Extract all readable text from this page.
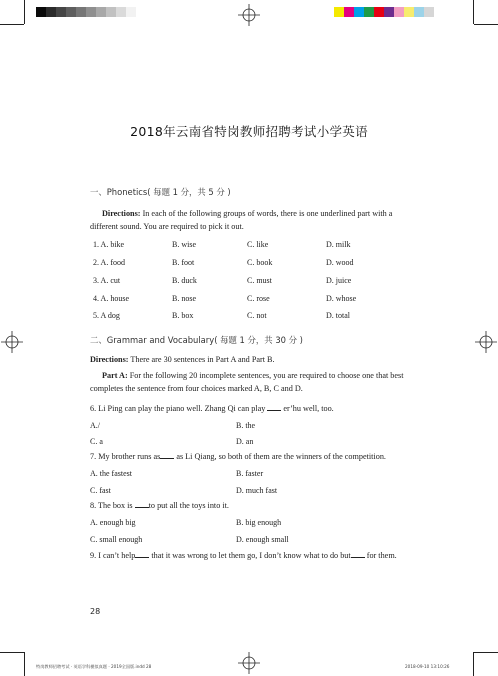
2018年云南省特岗教师招聘考试小学英语
一、Phonetics( 每题 1 分，共 5 分 )
Directions: In each of the following groups of words, there is one underlined part with a different sound. You are required to pick it out.
1. A. bike	B. wise	C. like	D. milk
2. A. food	B. foot	C. book	D. wood
3. A. cut	B. duck	C. must	D. juice
4. A. house	B. nose	C. rose	D. whose
5. A dog	B. box	C. not	D. total
二、Grammar and Vocabulary( 每题 1 分，共 30 分 )
Directions: There are 30 sentences in Part A and Part B.
Part A: For the following 20 incomplete sentences, you are required to choose one that best completes the sentence from four choices marked A, B, C and D.
6. Li Ping can play the piano well. Zhang Qi can play  er’hu well, too.
A./	B. the
C. a	D. an
7. My brother runs as as Li Qiang, so both of them are the winners of the competition.
A. the fastest	B. faster
C. fast	D. much fast
8. The box is to put all the toys into it.
A. enough big	B. big enough
C. small enough	D. enough small
9. I can’t help that it was wrong to let them go, I don’t know what to do but for them.
28
特岗教师招聘考试 · 英语学科模拟真题 · 2019全国版.indd 28	2018-09-10 13:10:26
